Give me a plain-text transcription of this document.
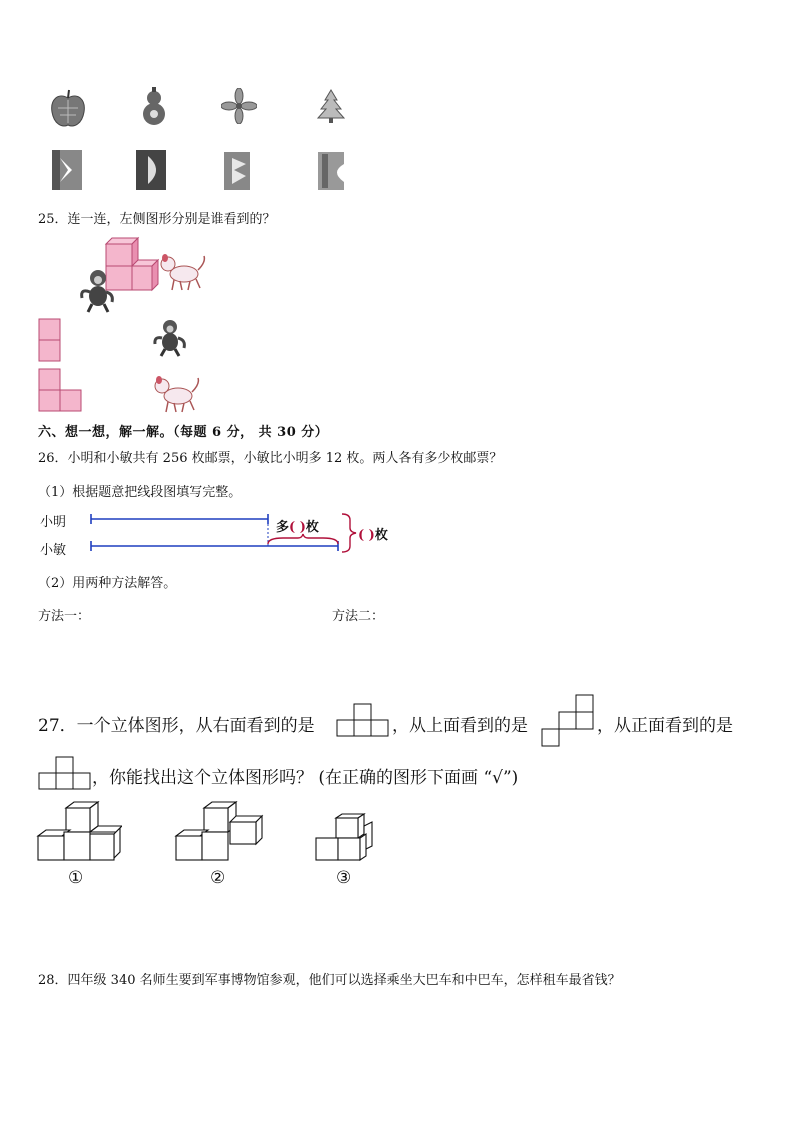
25．连一连，左侧图形分别是谁看到的？
六、想一想，解一解。（每题 6 分， 共 30 分）
26．小明和小敏共有 256 枚邮票，小敏比小明多 12 枚。两人各有多少枚邮票？
（1）根据题意把线段图填写完整。
小明
小敏
多( )枚
( )枚
（2）用两种方法解答。
方法一：	方法二：
27．一个立体图形，从右面看到的是	，从上面看到的是	，从正面看到的是
，你能找出这个立体图形吗？ (在正确的图形下面画 “√”)
①	②	③
28．四年级 340 名师生要到军事博物馆参观，他们可以选择乘坐大巴车和中巴车，怎样租车最省钱？
